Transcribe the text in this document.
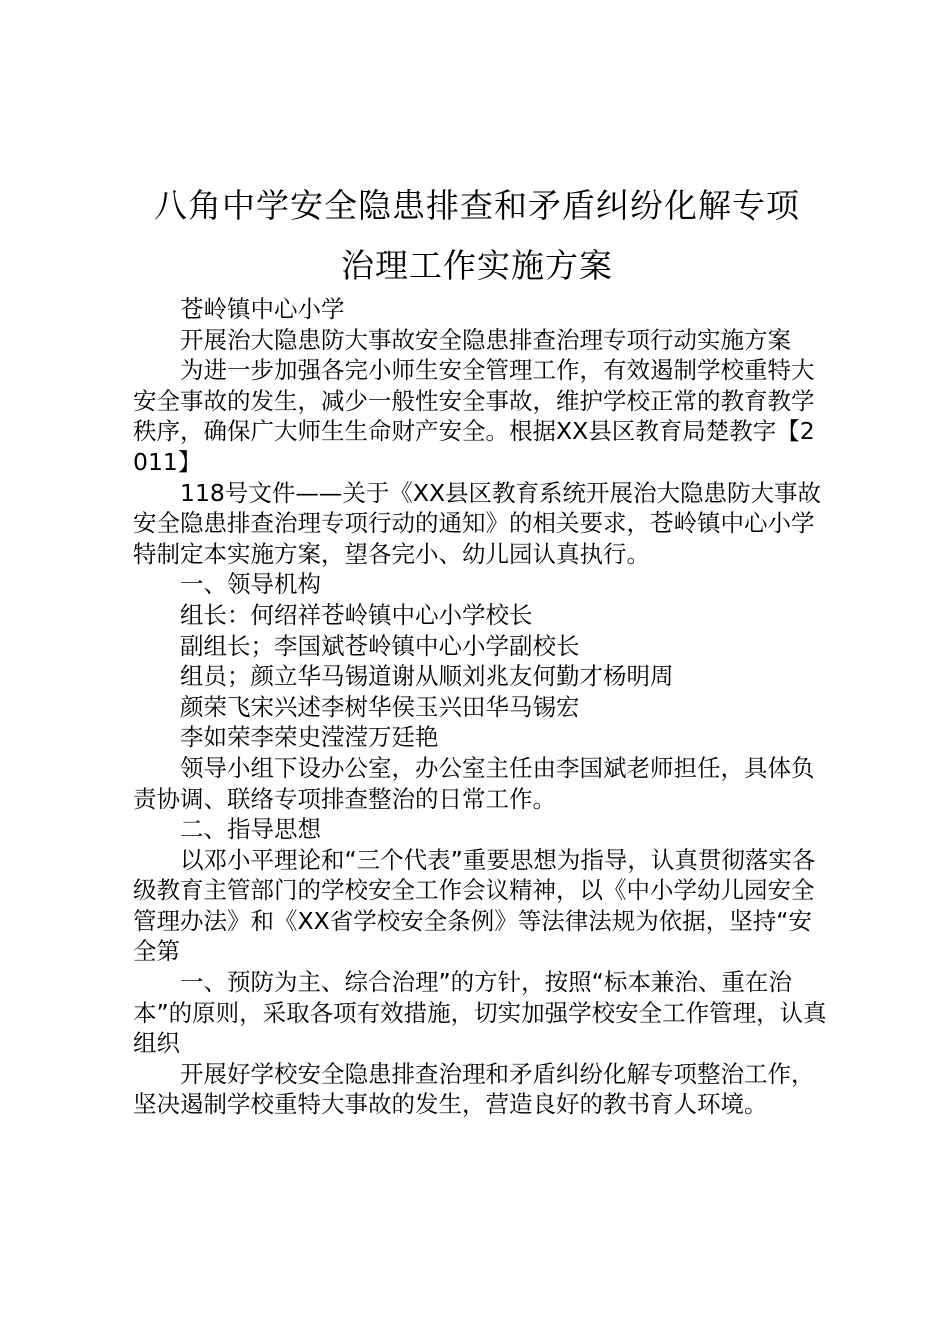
八角中学安全隐患排查和矛盾纠纷化解专项
治理工作实施方案

苍岭镇中心小学

开展治大隐患防大事故安全隐患排查治理专项行动实施方案

为进一步加强各完小师生安全管理工作，有效遏制学校重特大安全事故的发生，减少一般性安全事故，维护学校正常的教育教学秩序，确保广大师生生命财产安全。根据XX县区教育局楚教字【2011】

118号文件——关于《XX县区教育系统开展治大隐患防大事故安全隐患排查治理专项行动的通知》的相关要求，苍岭镇中心小学特制定本实施方案，望各完小、幼儿园认真执行。

一、领导机构

组长：何绍祥苍岭镇中心小学校长

副组长；李国斌苍岭镇中心小学副校长

组员；颜立华马锡道谢从顺刘兆友何勤才杨明周

颜荣飞宋兴述李树华侯玉兴田华马锡宏

李如荣李荣史滢滢万廷艳

领导小组下设办公室，办公室主任由李国斌老师担任，具体负责协调、联络专项排查整治的日常工作。

二、指导思想

以邓小平理论和“三个代表”重要思想为指导，认真贯彻落实各级教育主管部门的学校安全工作会议精神，以《中小学幼儿园安全管理办法》和《XX省学校安全条例》等法律法规为依据，坚持“安全第

一、预防为主、综合治理”的方针，按照“标本兼治、重在治本”的原则，采取各项有效措施，切实加强学校安全工作管理，认真组织

开展好学校安全隐患排查治理和矛盾纠纷化解专项整治工作，坚决遏制学校重特大事故的发生，营造良好的教书育人环境。
